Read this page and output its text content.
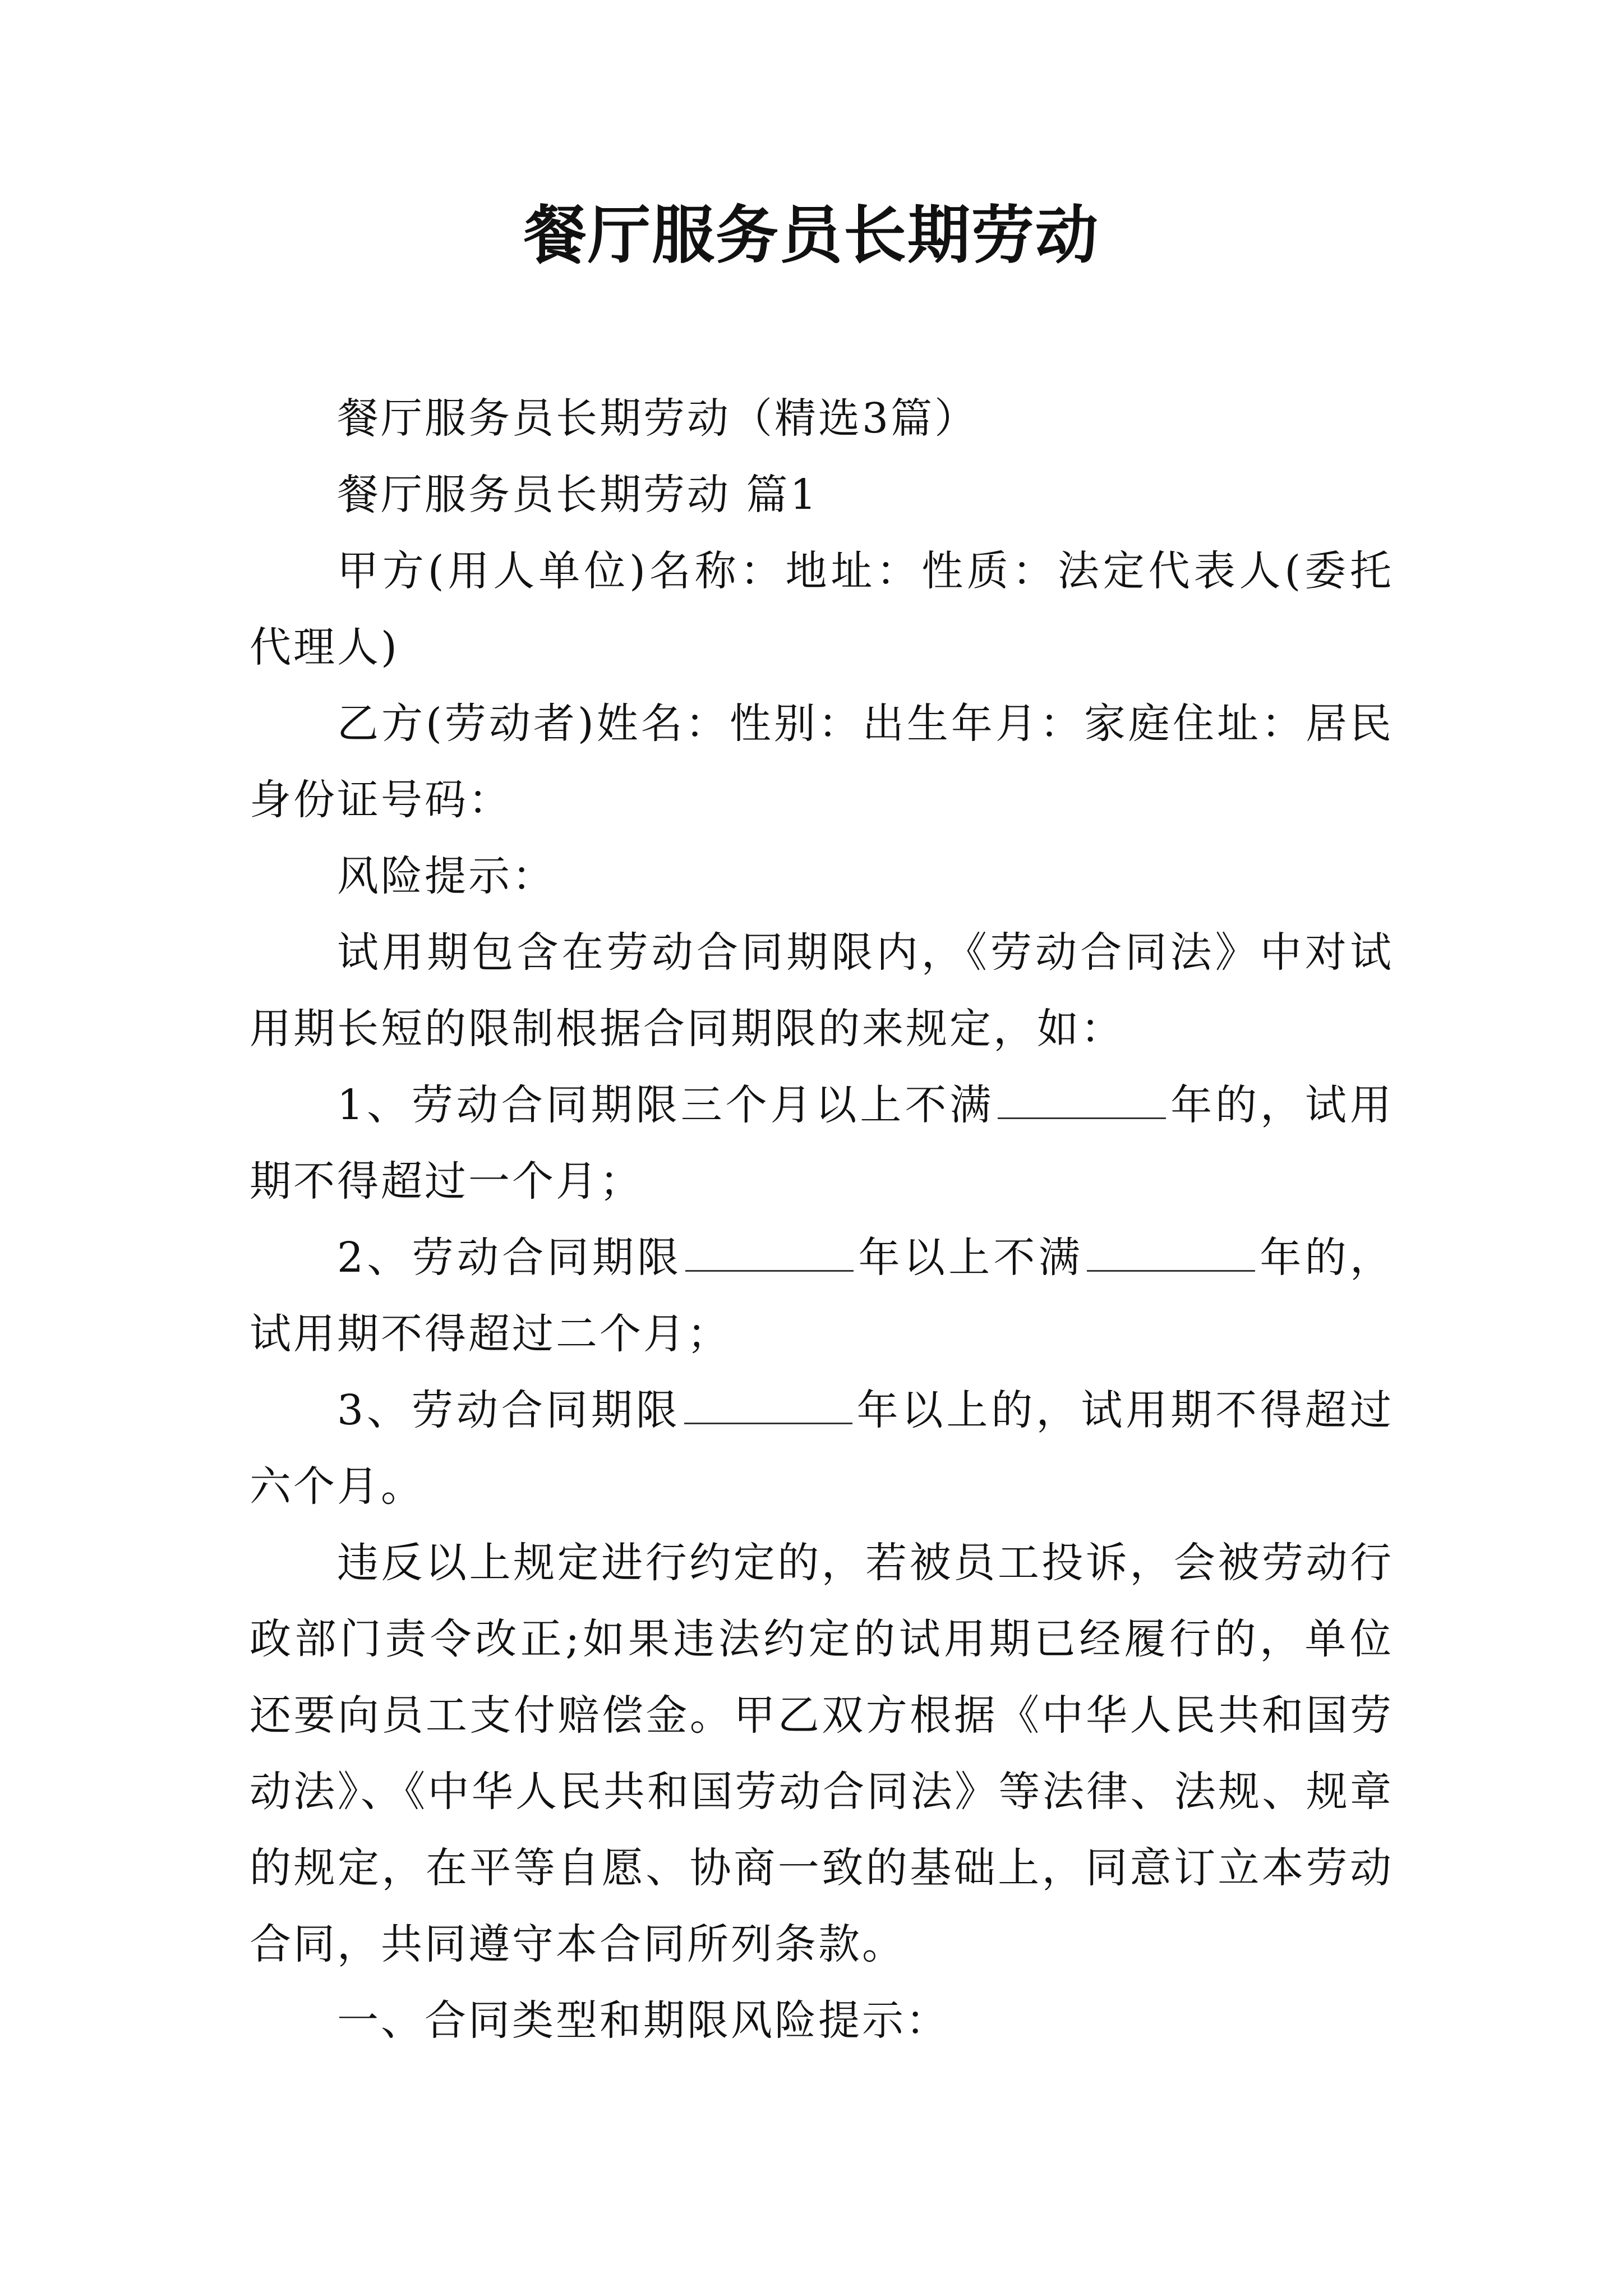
餐厅服务员长期劳动

餐厅服务员长期劳动（精选3篇）

餐厅服务员长期劳动 篇1

甲方(用人单位)名称：地址：性质：法定代表人(委托代理人)

乙方(劳动者)姓名：性别：出生年月：家庭住址：居民身份证号码：

风险提示：

试用期包含在劳动合同期限内，《劳动合同法》中对试用期长短的限制根据合同期限的来规定，如：

1、劳动合同期限三个月以上不满	年的，试用期不得超过一个月；

2、劳动合同期限	年以上不满	年的，试用期不得超过二个月；

3、劳动合同期限	年以上的，试用期不得超过六个月。

违反以上规定进行约定的，若被员工投诉，会被劳动行政部门责令改正;如果违法约定的试用期已经履行的，单位还要向员工支付赔偿金。甲乙双方根据《中华人民共和国劳动法》、《中华人民共和国劳动合同法》等法律、法规、规章的规定，在平等自愿、协商一致的基础上，同意订立本劳动合同，共同遵守本合同所列条款。

一、合同类型和期限风险提示：
